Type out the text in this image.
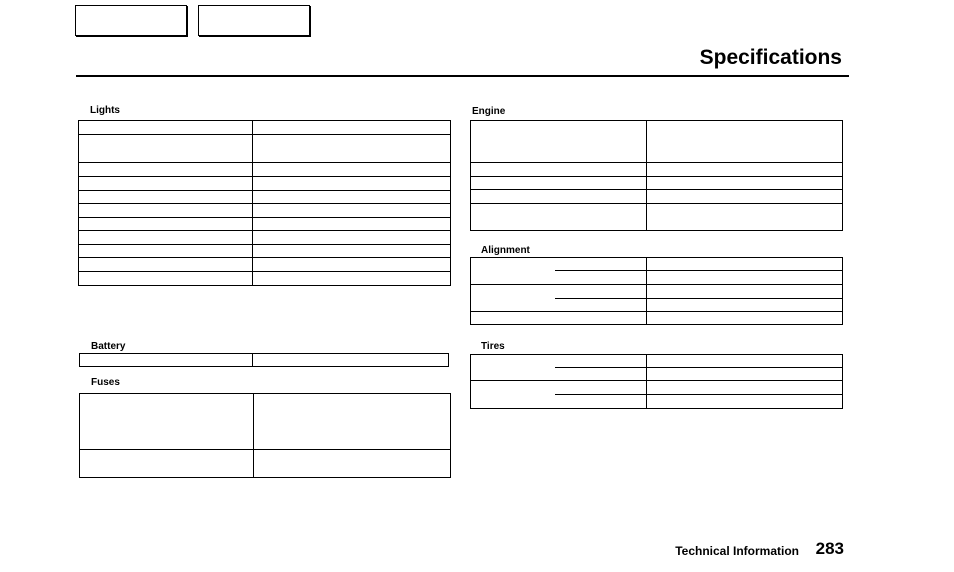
Specifications
Lights

Battery

Fuses

Engine

Alignment

Tires

Technical Information 283
